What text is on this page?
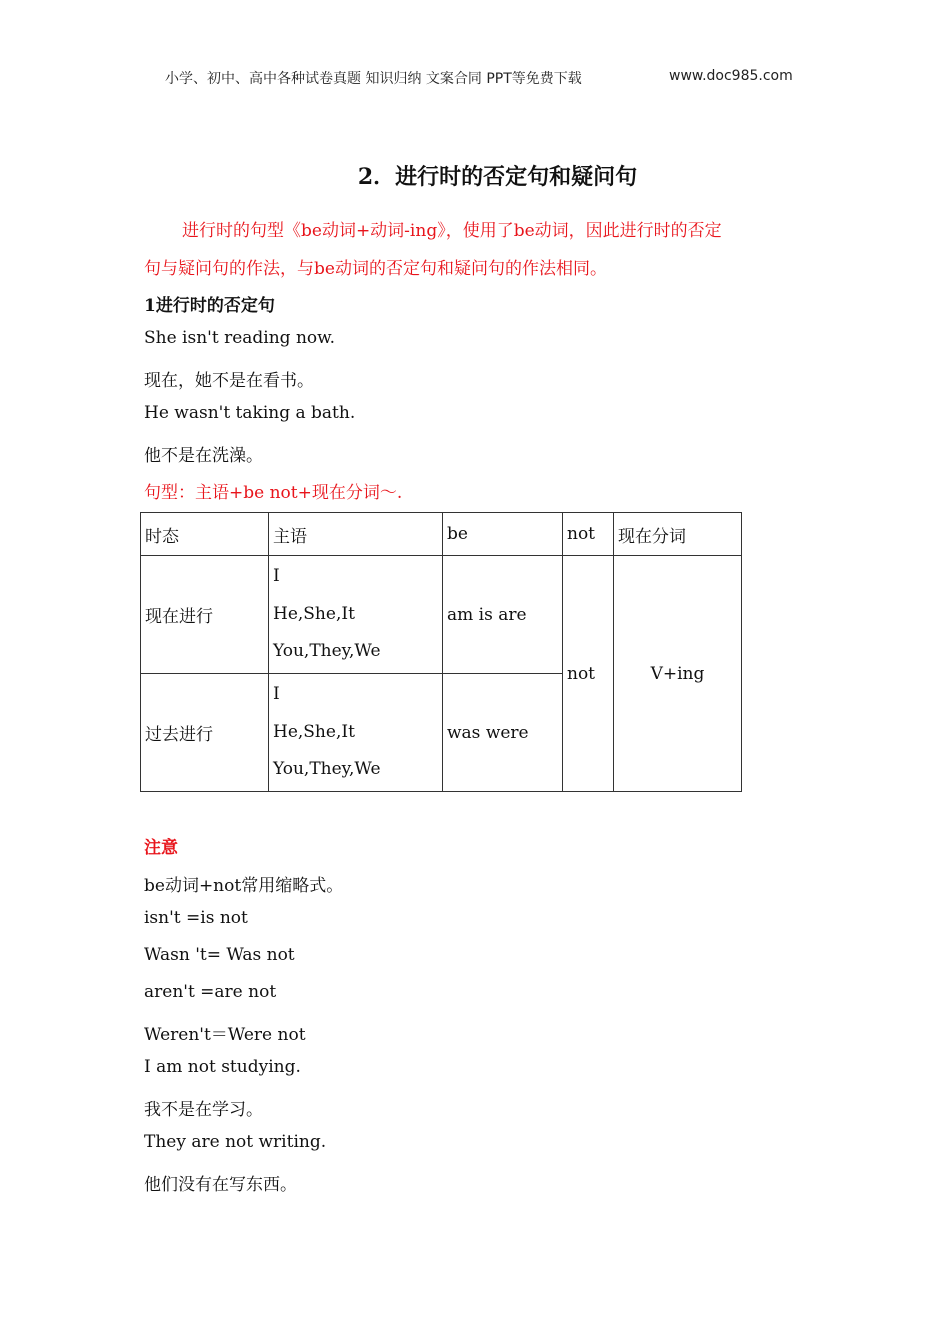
小学、初中、高中各种试卷真题 知识归纳 文案合同 PPT等免费下载	www.doc985.com
2．进行时的否定句和疑问句
进行时的句型《be动词+动词-ing》，使用了be动词，因此进行时的否定
句与疑问句的作法，与be动词的否定句和疑问句的作法相同。
1进行时的否定句
She isn't reading now.
现在，她不是在看书。
He wasn't taking a bath.
他不是在洗澡。
句型：主语+be not+现在分词～.
时态	主语	be	not	现在分词
现在进行	I
He,She,It
You,They,We	am is are	not	V+ing
过去进行	I
He,She,It
You,They,We	was were		
注意
be动词+not常用缩略式。
isn't =is not
Wasn 't= Was not
aren't =are not
Weren't＝Were not
I am not studying.
我不是在学习。
They are not writing.
他们没有在写东西。
